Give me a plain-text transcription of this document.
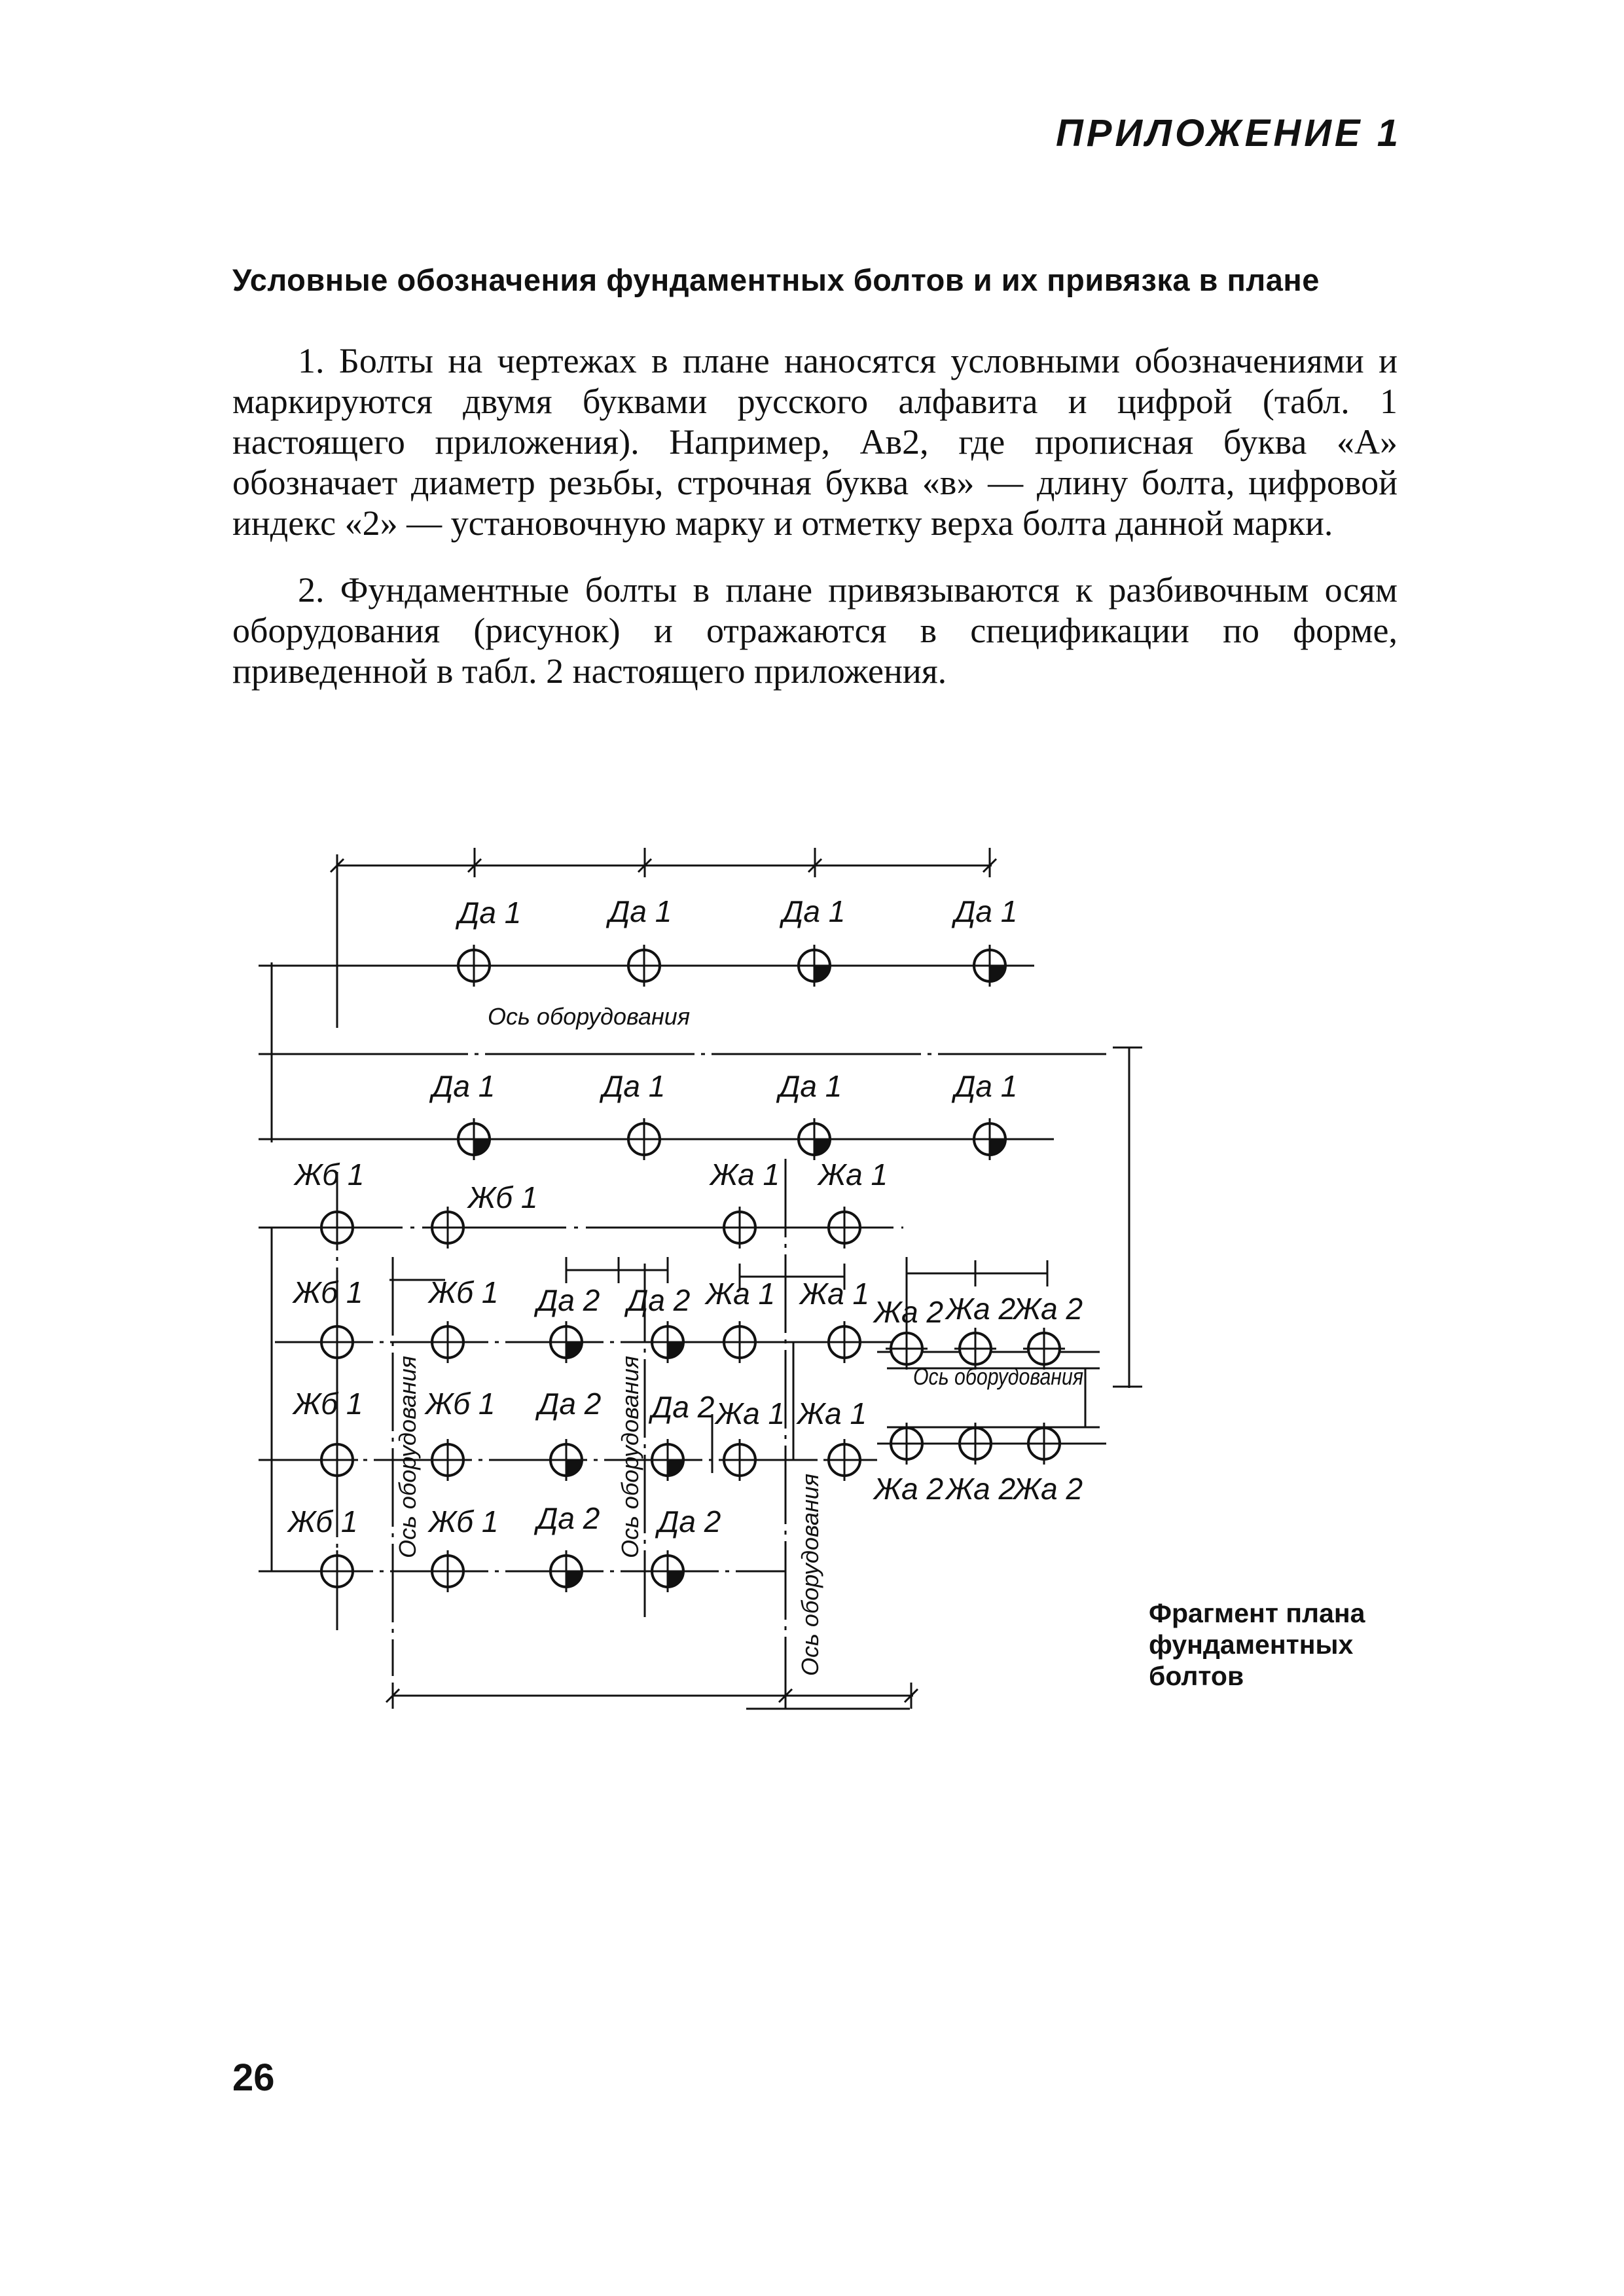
ПРИЛОЖЕНИЕ 1
Условные обозначения фундаментных болтов и их привязка в плане

1. Болты на чертежах в плане наносятся условными обозначениями и маркируются двумя буквами русского алфавита и цифрой (табл. 1 настоящего приложения). Например, Ав2, где прописная буква «А» обозначает диаметр резьбы, строчная буква «в» — длину болта, цифровой индекс «2» — установочную марку и отметку верха болта данной марки.

2. Фундаментные болты в плане привязываются к разбивочным осям оборудования (рисунок) и отражаются в спецификации по форме, приведенной в табл. 2 настоящего приложения.

Да 1	Да 1	Да 1	Да 1
Ось оборудования
Да 1	Да 1	Да 1	Да 1
Жб 1
Жб 1
Жа 1 Жа 1
Жб 1 Жб 1 Да 2 Да 2 Жа 1 Жа 1
Жа 2 Жа 2
Жа 2
Жб 1 Жб 1 Да 2 Да 2 Жа 1 Жа 1
Жа 2 Жа 2
Жа 2
Жб 1 Жб 1 Да 2 Да 2
Ось оборудования
Ось оборудования	Ось оборудования
Ось оборудования	Фрагмент плана фундаментных болтов
26
